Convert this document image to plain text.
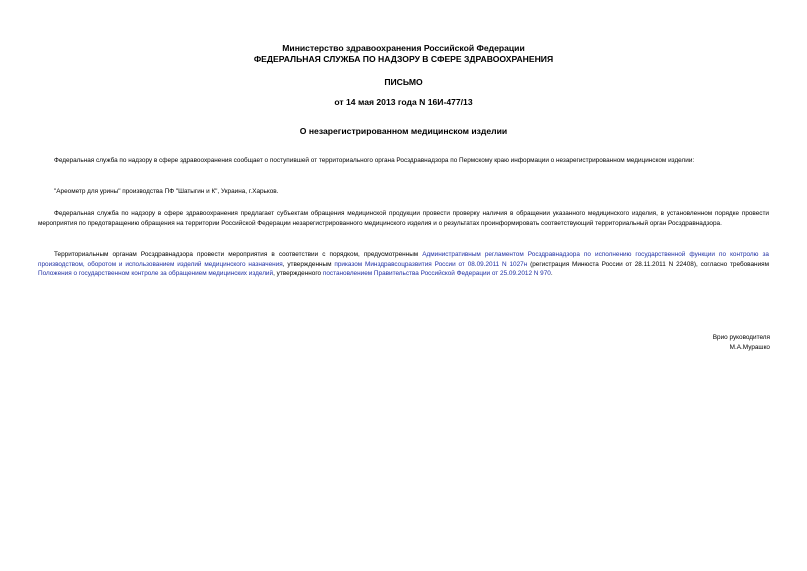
Министерство здравоохранения Российской Федерации
ФЕДЕРАЛЬНАЯ СЛУЖБА ПО НАДЗОРУ В СФЕРЕ ЗДРАВООХРАНЕНИЯ
ПИСЬМО
от 14 мая 2013 года N 16И-477/13
О незарегистрированном медицинском изделии
Федеральная служба по надзору в сфере здравоохранения сообщает о поступившей от территориального органа Росздравнадзора по Пермскому краю информации о незарегистрированном медицинском изделии:
"Ареометр для урины" производства ПФ "Шатыгин и К", Украина, г.Харьков.
Федеральная служба по надзору в сфере здравоохранения предлагает субъектам обращения медицинской продукции провести проверку наличия в обращении указанного медицинского изделия, в установленном порядке провести мероприятия по предотвращению обращения на территории Российской Федерации незарегистрированного медицинского изделия и о результатах проинформировать соответствующий территориальный орган Росздравнадзора.
Территориальным органам Росздравнадзора провести мероприятия в соответствии с порядком, предусмотренным Административным регламентом Росздравнадзора по исполнению государственной функции по контролю за производством, оборотом и использованием изделий медицинского назначения, утвержденным приказом Минздравсоцразвития России от 08.09.2011 N 1027н (регистрация Минюста России от 28.11.2011 N 22408), согласно требованиям Положения о государственном контроле за обращением медицинских изделий, утвержденного постановлением Правительства Российской Федерации от 25.09.2012 N 970.
Врио руководителя
М.А.Мурашко
